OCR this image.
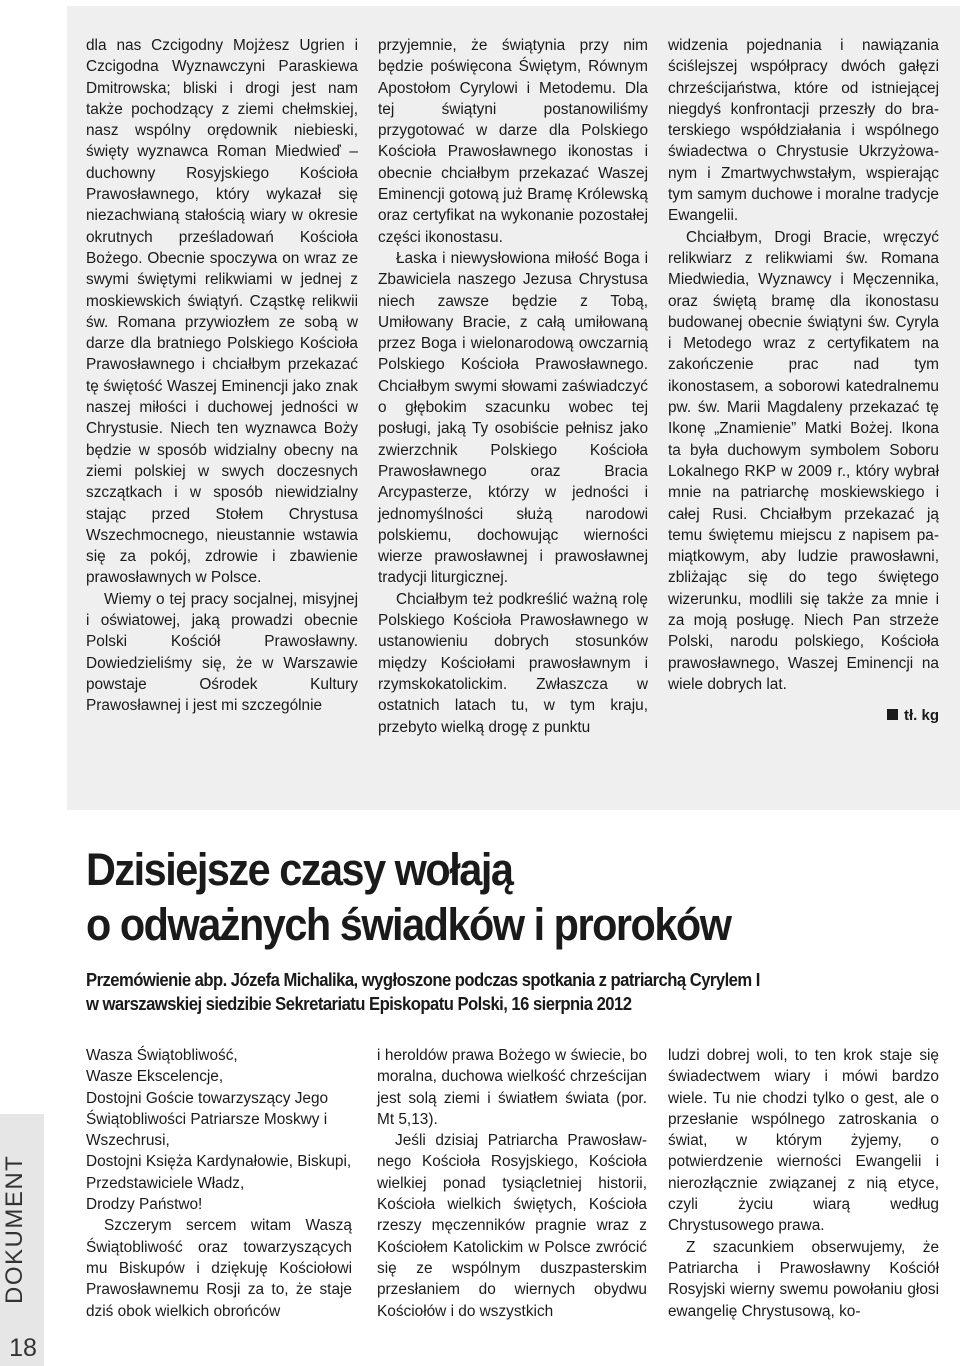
dla nas Czcigodny Mojżesz Ugrien i Czcigodna Wyznawczyni Paraskiewa Dmitrowska; bliski i drogi jest nam także pochodzący z ziemi chełmskiej, nasz wspólny orędownik niebieski, święty wyznawca Roman Miedwieď – duchowny Rosyjskiego Kościoła Prawosławnego, który wykazał się niezachwianą stałością wiary w okresie okrutnych prześladowań Kościoła Bożego. Obecnie spoczywa on wraz ze swymi świętymi relikwiami w jednej z moskiewskich świątyń. Cząstkę relikwii św. Romana przywiozłem ze sobą w darze dla bratniego Polskiego Kościoła Prawosławnego i chciałbym przekazać tę świętość Waszej Eminencji jako znak naszej miłości i duchowej jedności w Chrystusie. Niech ten wyznawca Boży będzie w sposób widzialny obecny na ziemi polskiej w swych doczesnych szczątkach i w sposób niewidzialny stając przed Stołem Chrystusa Wszechmocnego, nieustannie wstawia się za pokój, zdrowie i zbawienie prawosławnych w Polsce.

Wiemy o tej pracy socjalnej, misyjnej i oświatowej, jaką prowadzi obecnie Polski Kościół Prawosławny. Dowiedzieliśmy się, że w Warszawie powstaje Ośrodek Kultury Prawosławnej i jest mi szczególnie

przyjemnie, że świątynia przy nim będzie poświęcona Świętym, Równym Apostołom Cyrylowi i Metodemu. Dla tej świątyni postanowiliśmy przygotować w darze dla Polskiego Kościoła Prawosławnego ikonostas i obecnie chciałbym przekazać Waszej Eminencji gotową już Bramę Królewską oraz certyfikat na wykonanie pozostałej części ikonostasu.

Łaska i niewysłowiona miłość Boga i Zbawiciela naszego Jezusa Chrystusa niech zawsze będzie z Tobą, Umiłowany Bracie, z całą umiłowaną przez Boga i wielonarodową owczarnią Polskiego Kościoła Prawosławnego. Chciałbym swymi słowami zaświadczyć o głębokim szacunku wobec tej posługi, jaką Ty osobiście pełnisz jako zwierzchnik Polskiego Kościoła Prawosławnego oraz Bracia Arcypasterze, którzy w jedności i jednomyślności służą narodowi polskiemu, dochowując wierności wierze prawosławnej i prawosławnej tradycji liturgicznej.

Chciałbym też podkreślić ważną rolę Polskiego Kościoła Prawosławnego w ustanowieniu dobrych stosunków między Kościołami prawosławnym i rzymskokatolickim. Zwłaszcza w ostatnich latach tu, w tym kraju, przebyto wielką drogę z punktu

widzenia pojednania i nawiązania ściślejszej współpracy dwóch gałęzi chrześcijaństwa, które od istniejącej niegdyś konfrontacji przeszły do braterskiego współdziałania i wspólnego świadectwa o Chrystusie Ukrzyżowanym i Zmartwychwstałym, wspierając tym samym duchowe i moralne tradycje Ewangelii.

Chciałbym, Drogi Bracie, wręczyć relikwiarz z relikwiami św. Romana Miedwiedia, Wyznawcy i Męczennika, oraz świętą bramę dla ikonostasu budowanej obecnie świątyni św. Cyryla i Metodego wraz z certyfikatem na zakończenie prac nad tym ikonostasem, a soborowi katedralnemu pw. św. Marii Magdaleny przekazać tę Ikonę „Znamienie” Matki Bożej. Ikona ta była duchowym symbolem Soboru Lokalnego RKP w 2009 r., który wybrał mnie na patriarchę moskiewskiego i całej Rusi. Chciałbym przekazać ją temu świętemu miejscu z napisem pamiątkowym, aby ludzie prawosławni, zbliżając się do tego świętego wizerunku, modlili się także za mnie i za moją posługę. Niech Pan strzeże Polski, narodu polskiego, Kościoła prawosławnego, Waszej Eminencji na wiele dobrych lat.

tł. kg
Dzisiejsze czasy wołają
o odważnych świadków i proroków
Przemówienie abp. Józefa Michalika, wygłoszone podczas spotkania z patriarchą Cyrylem I
w warszawskiej siedzibie Sekretariatu Episkopatu Polski, 16 sierpnia 2012

Wasza Świątobliwość,

Wasze Ekscelencje,

Dostojni Goście towarzyszący Jego Świątobliwości Patriarsze Moskwy i Wszechrusi,

Dostojni Księża Kardynałowie, Biskupi, Przedstawiciele Władz,

Drodzy Państwo!

Szczerym sercem witam Waszą Świątobliwość oraz towarzyszących mu Biskupów i dziękuję Kościołowi Prawosławnemu Rosji za to, że staje dziś obok wielkich obrońców

i heroldów prawa Bożego w świecie, bo moralna, duchowa wielkość chrześcijan jest solą ziemi i światłem świata (por. Mt 5,13).

Jeśli dzisiaj Patriarcha Prawosławnego Kościoła Rosyjskiego, Kościoła wielkiej ponad tysiącletniej historii, Kościoła wielkich świętych, Kościoła rzeszy męczenników pragnie wraz z Kościołem Katolickim w Polsce zwrócić się ze wspólnym duszpasterskim przesłaniem do wiernych obydwu Kościołów i do wszystkich

ludzi dobrej woli, to ten krok staje się świadectwem wiary i mówi bardzo wiele. Tu nie chodzi tylko o gest, ale o przesłanie wspólnego zatroskania o świat, w którym żyjemy, o potwierdzenie wierności Ewangelii i nierozłącznie związanej z nią etyce, czyli życiu wiarą według Chrystusowego prawa.

Z szacunkiem obserwujemy, że Patriarcha i Prawosławny Kościół Rosyjski wierny swemu powołaniu głosi ewangelię Chrystusową, ko-

DOKUMENT
18
